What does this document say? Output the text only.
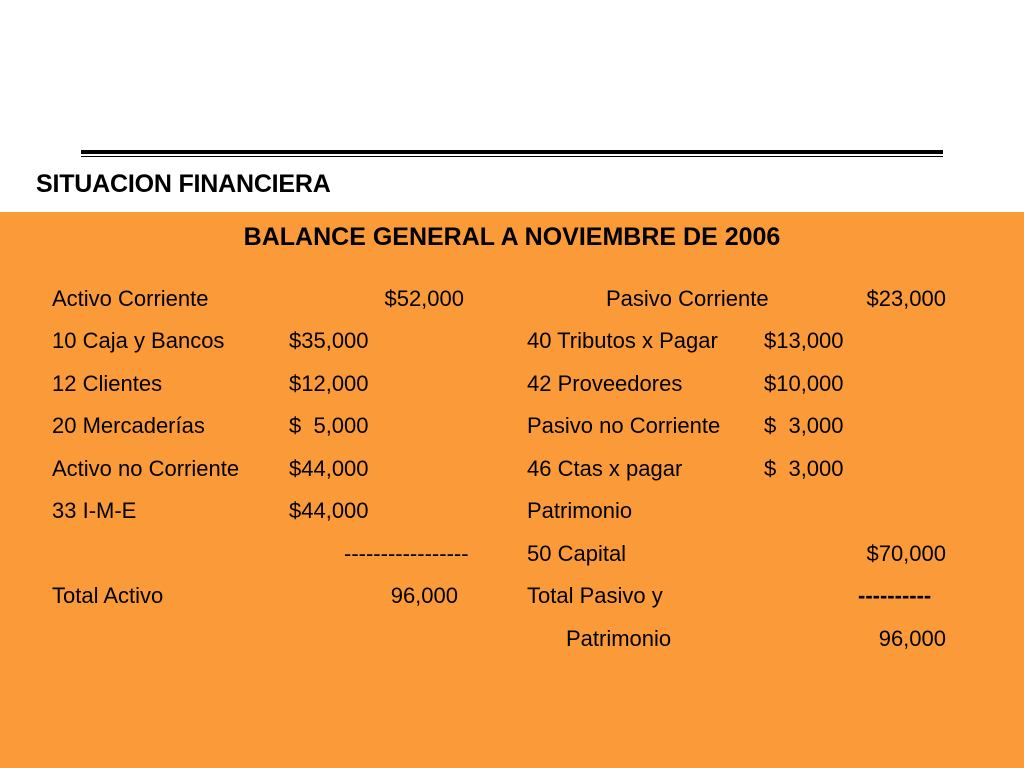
SITUACION FINANCIERA
BALANCE GENERAL A NOVIEMBRE DE 2006
Activo Corriente	$52,000
10 Caja y Bancos	$35,000
12 Clientes	$12,000
20 Mercaderías	$  5,000
Activo no Corriente $44,000
33 I-M-E	$44,000
-----------------
Total Activo	96,000
Pasivo Corriente	$23,000
40 Tributos x Pagar $13,000
42 Proveedores	$10,000
Pasivo no Corriente $  3,000
46 Ctas x pagar	$  3,000
Patrimonio
50 Capital	$70,000
Total Pasivo y	----------
Patrimonio	96,000
